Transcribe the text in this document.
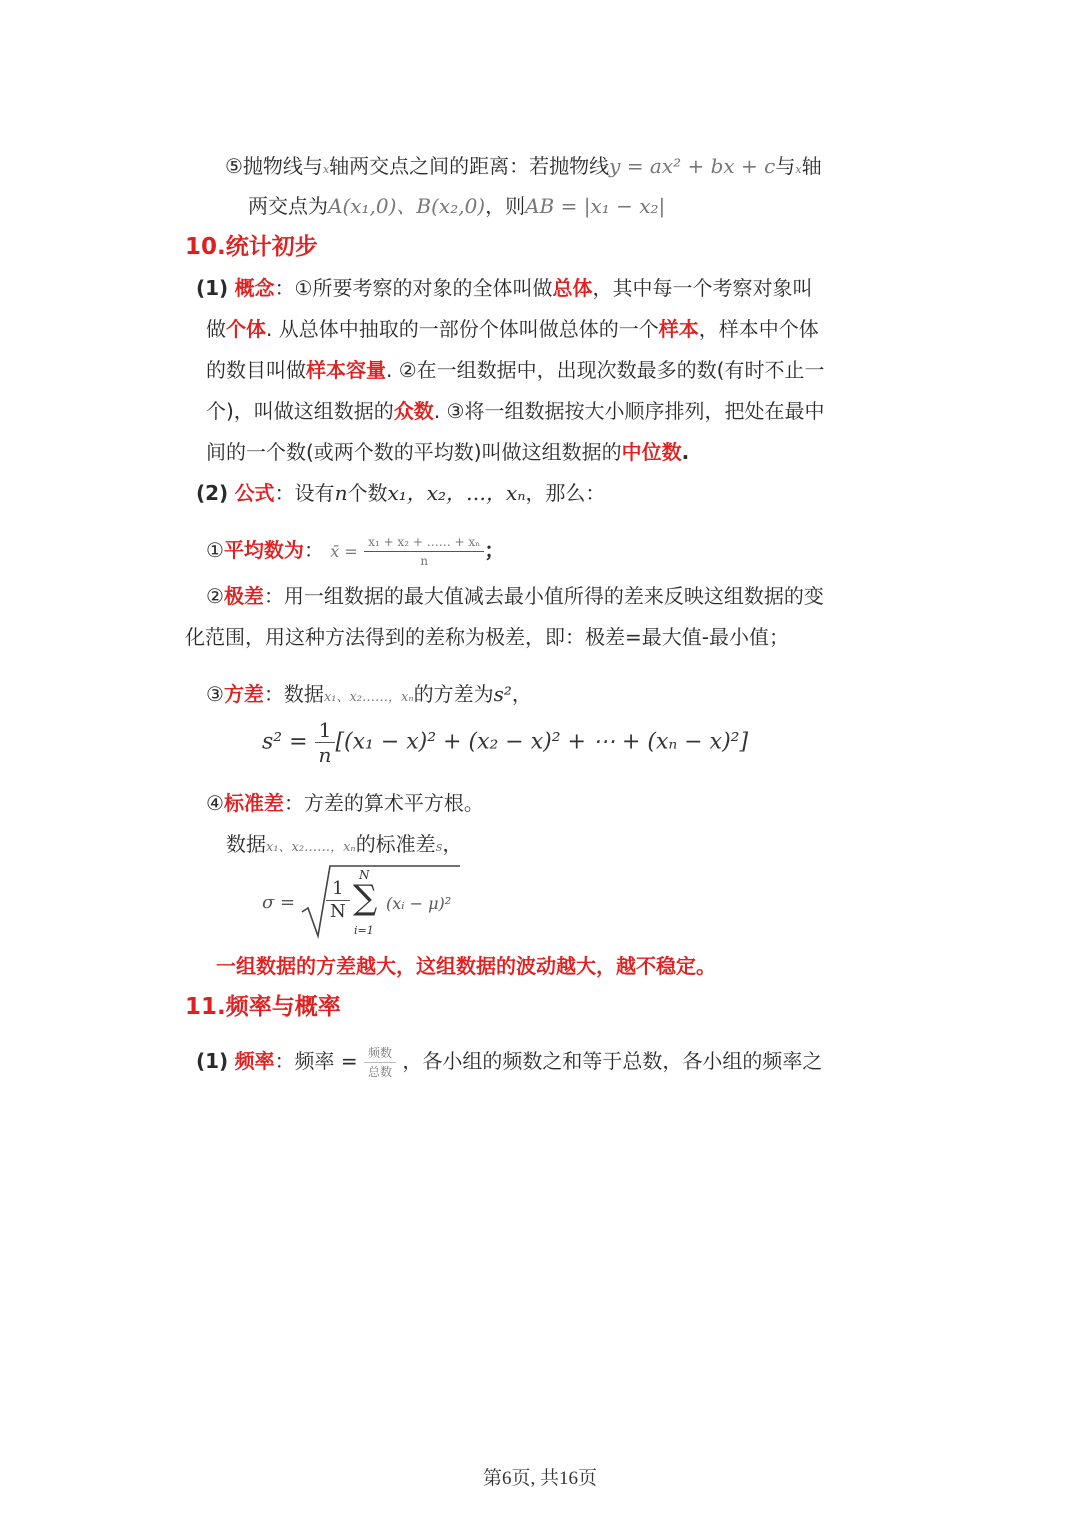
⑤抛物线与x轴两交点之间的距离：若抛物线y = ax² + bx + c与x轴
两交点为A(x₁,0)、B(x₂,0)，则AB = |x₁ − x₂|
10.统计初步
(1) 概念：①所要考察的对象的全体叫做总体，其中每一个考察对象叫
做个体. 从总体中抽取的一部份个体叫做总体的一个样本，样本中个体
的数目叫做样本容量. ②在一组数据中，出现次数最多的数(有时不止一
个)，叫做这组数据的众数. ③将一组数据按大小顺序排列，把处在最中
间的一个数(或两个数的平均数)叫做这组数据的中位数.
(2) 公式：设有n个数x₁，x₂，…，xₙ，那么：
①平均数为： x̄ = $\frac{\text{x₁ + x₂ + …… + xₙ}}{n}$ ；
②极差：用一组数据的最大值减去最小值所得的差来反映这组数据的变
化范围，用这种方法得到的差称为极差，即：极差=最大值-最小值；
③方差：数据x₁、x₂……，xₙ的方差为s²，
$s^2 = \frac{1}{n} [(x_1 - x)^2 + (x_2 - x)^2$ + ⋯ + (xₙ − x)²]
④标准差：方差的算术平方根。
数据x₁、x₂……，xₙ的标准差s，
$\sigma = \frac{1}{N}$
N
∑
i=1
(xᵢ − μ)²
一组数据的方差越大，这组数据的波动越大，越不稳定。
11.频率与概率
(1) 频率：频率 = $\frac{\text{频数}}{\text{总数}}$ ，各小组的频数之和等于总数，各小组的频率之
第6页, 共16页
